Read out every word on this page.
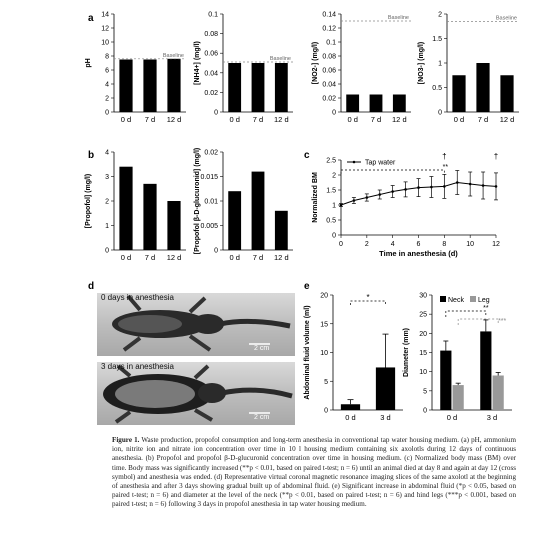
0
2
4
6
8
10
12
14
pH
0 d 7 d 12 d
Baseline
0
0.02
0.04
0.06
0.08
0.1
[NH4+] (mg/l)
0 d 7 d 12 d
Baseline
0
0.02
0.04
0.06
0.08
0.1
0.12
0.14
[NO2-] (mg/l)
0 d 7 d 12 d
Baseline
0
0.5
1
1.5
2
[NO3-] (mg/l)
0 d 7 d 12 d
Baseline
0
1
2
3
4
[Propofol] (mg/l)
0 d 7 d 12 d
0
0.005
0.01
0.015
0.02
[Propofol β-D-glucuronid] (mg/l)
0 d 7 d 12 d
0
5
10
15
20
Abdominal fluid volume (ml)
0 d	3 d
*
0
5
10
15
20
25
30
Diameter (mm)
0 d	3 d
Neck Leg
**
***
0
0.5
1
1.5
2
2.5
Normalized BM
0	2	4	6	8	10	12
Time in anesthesia (d)
Tap water
**
†	†
a
b	c
d	e
0 days in anesthesia
3 days in anesthesia
2 cm
2 cm
Figure 1. Waste production, propofol consumption and long-term anesthesia in conventional tap water housing medium. (a) pH, ammonium ion, nitrite ion and nitrate ion concentration over time in 10 l housing medium containing six axolotls during 12 days of continuous anesthesia. (b) Propofol and propofol β-D-glucuronid concentration over time in housing medium. (c) Normalized body mass (BM) over time. Body mass was significantly increased (**p < 0.01, based on paired t-test; n = 6) until an animal died at day 8 and again at day 12 (cross symbol) and anesthesia was ended. (d) Representative virtual coronal magnetic resonance imaging slices of the same axolotl at the beginning of anesthesia and after 3 days showing gradual built up of abdominal fluid. (e) Significant increase in abdominal fluid (*p < 0.05, based on paired t-test; n = 6) and diameter at the level of the neck (**p < 0.01, based on paired t-test; n = 6) and hind legs (***p < 0.001, based on paired t-test; n = 6) following 3 days in propofol anesthesia in tap water housing medium.
